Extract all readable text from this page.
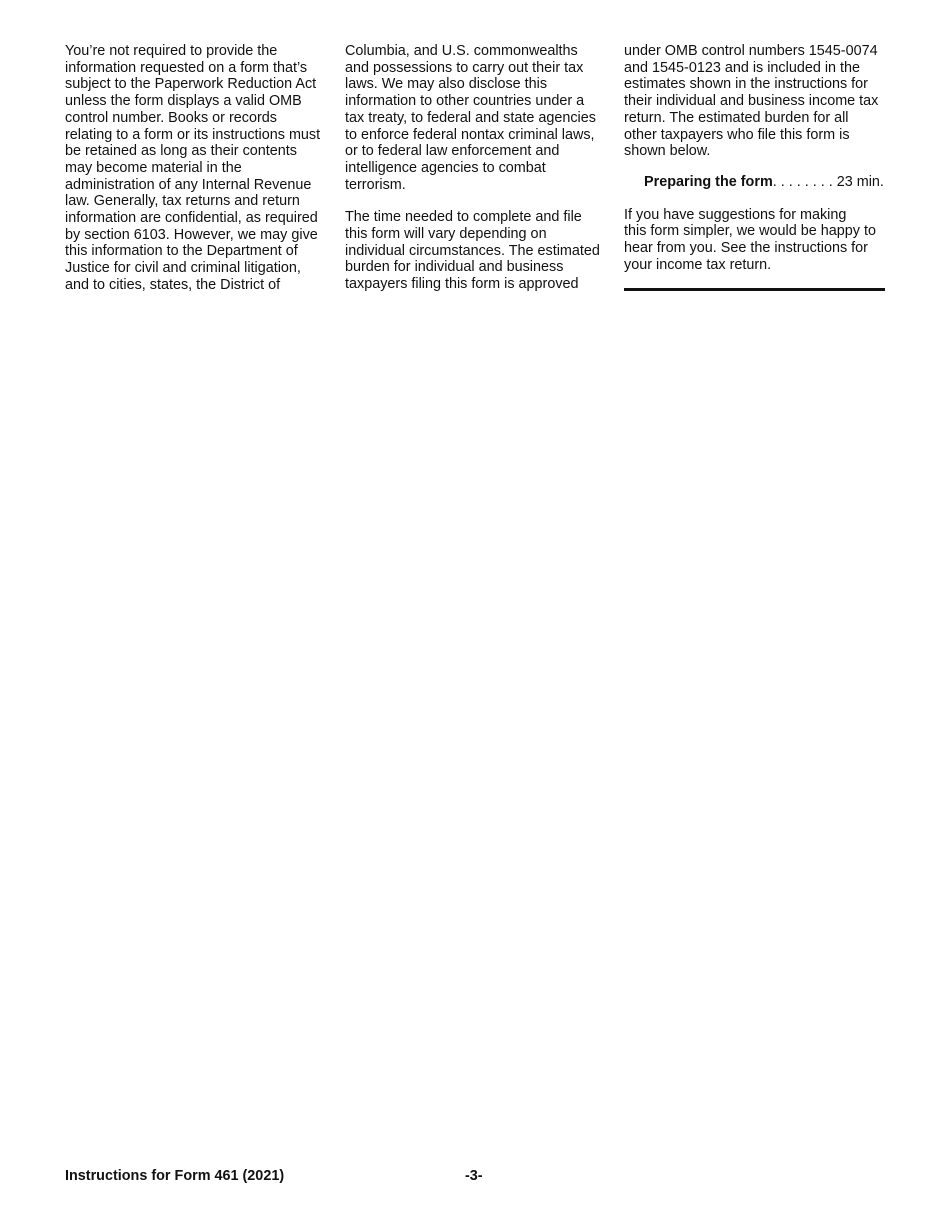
You’re not required to provide the
information requested on a form that’s
subject to the Paperwork Reduction Act
unless the form displays a valid OMB
control number. Books or records
relating to a form or its instructions must
be retained as long as their contents
may become material in the
administration of any Internal Revenue
law. Generally, tax returns and return
information are confidential, as required
by section 6103. However, we may give
this information to the Department of
Justice for civil and criminal litigation,
and to cities, states, the District of

Columbia, and U.S. commonwealths
and possessions to carry out their tax
laws. We may also disclose this
information to other countries under a
tax treaty, to federal and state agencies
to enforce federal nontax criminal laws,
or to federal law enforcement and
intelligence agencies to combat
terrorism.

The time needed to complete and file
this form will vary depending on
individual circumstances. The estimated
burden for individual and business
taxpayers filing this form is approved

under OMB control numbers 1545-0074
and 1545-0123 and is included in the
estimates shown in the instructions for
their individual and business income tax
return. The estimated burden for all
other taxpayers who file this form is
shown below.

Preparing the form. . . . . . . . 23 min.

If you have suggestions for making
this form simpler, we would be happy to
hear from you. See the instructions for
your income tax return.

Instructions for Form 461 (2021)	-3-
